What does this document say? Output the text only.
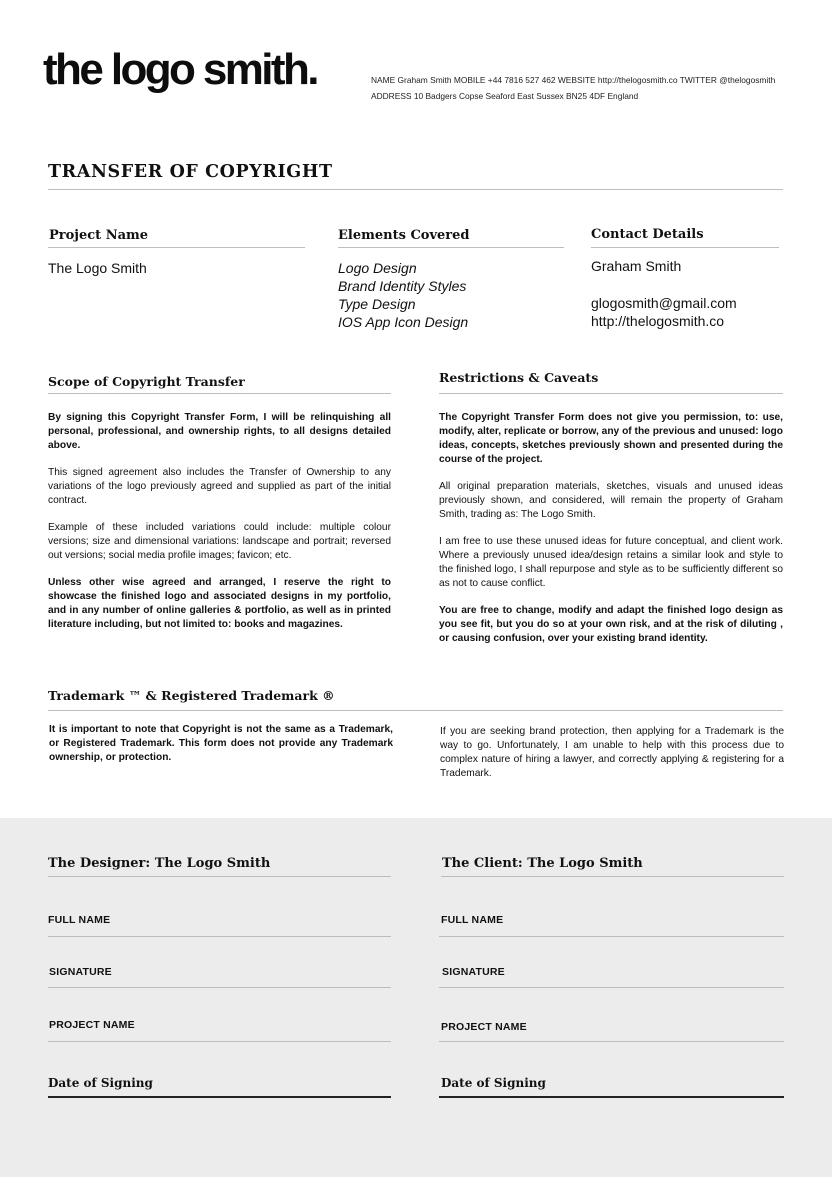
the logo smith.	NAME Graham Smith MOBILE +44 7816 527 462 WEBSITE http://thelogosmith.co TWITTER @thelogosmith
ADDRESS 10 Badgers Copse Seaford East Sussex BN25 4DF England
TRANSFER OF COPYRIGHT
Project Name
The Logo Smith
Elements Covered
Logo Design
Brand Identity Styles
Type Design
IOS App Icon Design
Contact Details
Graham Smith
glogosmith@gmail.com
http://thelogosmith.co
Scope of Copyright Transfer

By signing this Copyright Transfer Form, I will be relinquishing all personal, professional, and ownership rights, to all designs detailed above.

This signed agreement also includes the Transfer of Ownership to any variations of the logo previously agreed and supplied as part of the initial contract.

Example of these included variations could include: multiple colour versions; size and dimensional variations: landscape and portrait; reversed out versions; social media profile images; favicon; etc.

Unless other wise agreed and arranged, I reserve the right to showcase the finished logo and associated designs in my portfolio, and in any number of online galleries & portfolio, as well as in printed literature including, but not limited to: books and magazines.

Restrictions & Caveats

The Copyright Transfer Form does not give you permission, to: use, modify, alter, replicate or borrow, any of the previous and unused: logo ideas, concepts, sketches previously shown and presented during the course of the project.

All original preparation materials, sketches, visuals and unused ideas previously shown, and considered, will remain the property of Graham Smith, trading as: The Logo Smith.

I am free to use these unused ideas for future conceptual, and client work. Where a previously unused idea/design retains a similar look and style to the finished logo, I shall repurpose and style as to be sufficiently different so as not to cause conflict.

You are free to change, modify and adapt the finished logo design as you see fit, but you do so at your own risk, and at the risk of diluting , or causing confusion, over your existing brand identity.

Trademark ™ & Registered Trademark ®
It is important to note that Copyright is not the same as a Trademark, or Registered Trademark. This form does not provide any Trademark ownership, or protection.
If you are seeking brand protection, then applying for a Trademark is the way to go. Unfortunately, I am unable to help with this process due to complex nature of hiring a lawyer, and correctly applying & registering for a Trademark.
The Designer: The Logo Smith
FULL NAME
SIGNATURE
PROJECT NAME
Date of Signing
The Client: The Logo Smith
FULL NAME
SIGNATURE
PROJECT NAME
Date of Signing
